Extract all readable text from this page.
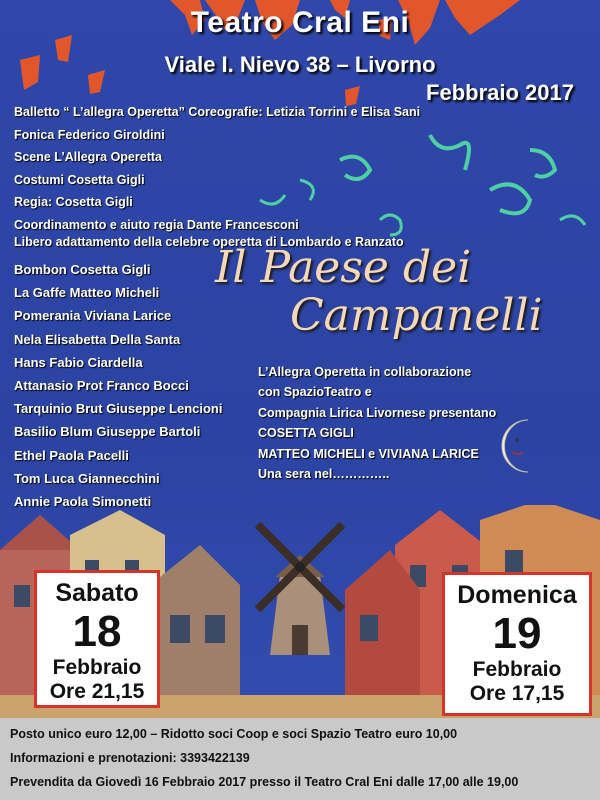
Teatro Cral Eni
Viale I. Nievo 38 – Livorno
Febbraio 2017
Balletto “ L’allegra Operetta” Coreografie: Letizia Torrini e Elisa Sani
Fonica Federico Giroldini
Scene L’Allegra Operetta
Costumi Cosetta Gigli
Regia: Cosetta Gigli
Coordinamento e aiuto regia Dante Francesconi
Libero adattamento della celebre operetta di Lombardo e Ranzato
Bombon Cosetta Gigli
La Gaffe Matteo Micheli
Pomerania Viviana Larice
Nela Elisabetta Della Santa
Hans Fabio Ciardella
Attanasio Prot Franco Bocci
Tarquinio Brut Giuseppe Lencioni
Basilio Blum Giuseppe Bartoli
Ethel Paola Pacelli
Tom Luca Giannecchini
Annie Paola Simonetti
Il Paese dei
Campanelli
L’Allegra Operetta in collaborazione
con SpazioTeatro e
Compagnia Lirica Livornese presentano
COSETTA GIGLI
MATTEO MICHELI e VIVIANA LARICE
Una sera nel…………..
Sabato
18
Febbraio
Ore 21,15
Domenica
19
Febbraio
Ore 17,15

Posto unico euro 12,00 – Ridotto soci Coop e soci Spazio Teatro euro 10,00

Informazioni e prenotazioni: 3393422139

Prevendita da Giovedì 16 Febbraio 2017 presso il Teatro Cral Eni dalle 17,00 alle 19,00
